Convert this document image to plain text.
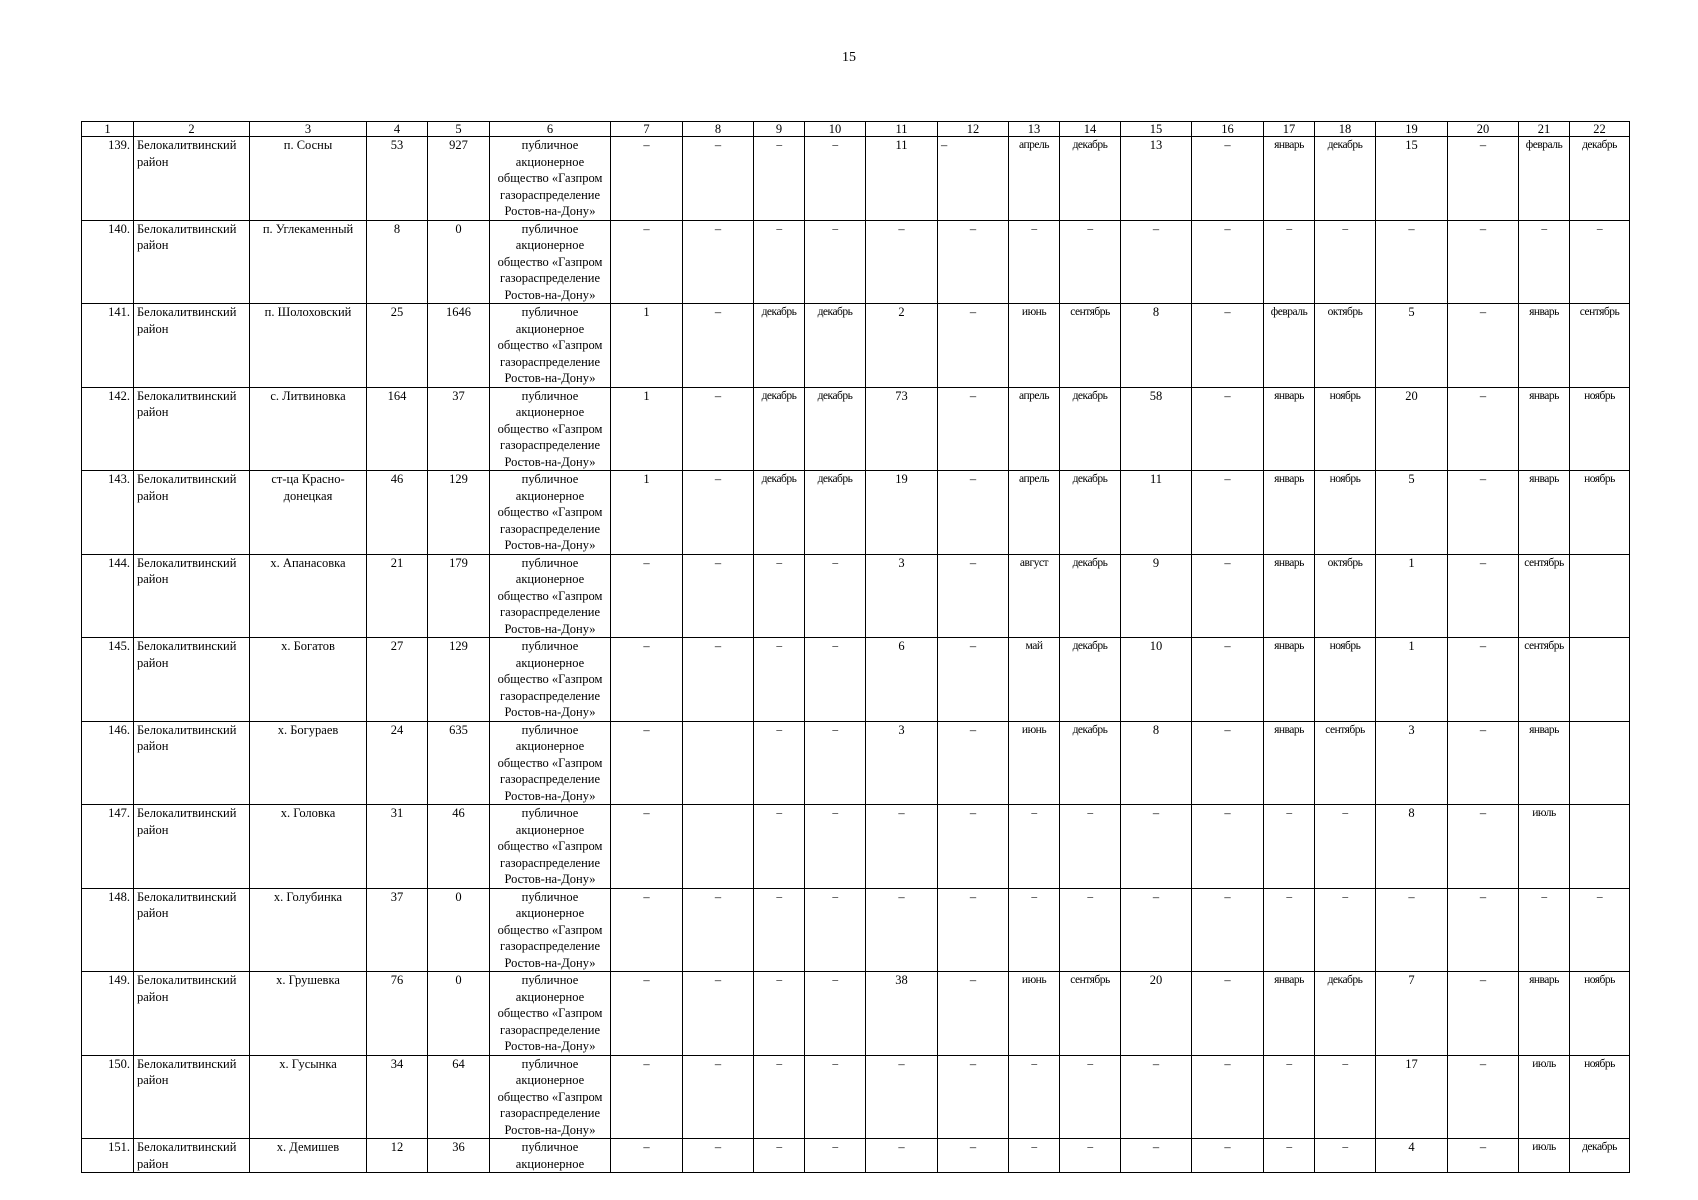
15
1	2	3	4	5	6	7	8	9	10	11	12	13	14	15	16	17	18	19	20	21	22
139.	Белокалитвинский район	п. Сосны	53	927	публичное акционерное общество «Газпром газораспределение Ростов-на-Дону»	–	–	–	–	11	–	апрель	декабрь	13	–	январь	декабрь	15	–	февраль	декабрь
140.	Белокалитвинский район	п. Углекаменный	8	0	публичное акционерное общество «Газпром газораспределение Ростов-на-Дону»	–	–	–	–	–	–	–	–	–	–	–	–	–	–	–	–
141.	Белокалитвинский район	п. Шолоховский	25	1646	публичное акционерное общество «Газпром газораспределение Ростов-на-Дону»	1	–	декабрь	декабрь	2	–	июнь	сентябрь	8	–	февраль	октябрь	5	–	январь	сентябрь
142.	Белокалитвинский район	с. Литвиновка	164	37	публичное акционерное общество «Газпром газораспределение Ростов-на-Дону»	1	–	декабрь	декабрь	73	–	апрель	декабрь	58	–	январь	ноябрь	20	–	январь	ноябрь
143.	Белокалитвинский район	ст-ца Красно-донецкая	46	129	публичное акционерное общество «Газпром газораспределение Ростов-на-Дону»	1	–	декабрь	декабрь	19	–	апрель	декабрь	11	–	январь	ноябрь	5	–	январь	ноябрь
144.	Белокалитвинский район	х. Апанасовка	21	179	публичное акционерное общество «Газпром газораспределение Ростов-на-Дону»	–	–	–	–	3	–	август	декабрь	9	–	январь	октябрь	1	–	сентябрь	
145.	Белокалитвинский район	х. Богатов	27	129	публичное акционерное общество «Газпром газораспределение Ростов-на-Дону»	–	–	–	–	6	–	май	декабрь	10	–	январь	ноябрь	1	–	сентябрь	
146.	Белокалитвинский район	х. Богураев	24	635	публичное акционерное общество «Газпром газораспределение Ростов-на-Дону»	–		–	–	3	–	июнь	декабрь	8	–	январь	сентябрь	3	–	январь	
147.	Белокалитвинский район	х. Головка	31	46	публичное акционерное общество «Газпром газораспределение Ростов-на-Дону»	–		–	–	–	–	–	–	–	–	–	–	8	–	июль	
148.	Белокалитвинский район	х. Голубинка	37	0	публичное акционерное общество «Газпром газораспределение Ростов-на-Дону»	–	–	–	–	–	–	–	–	–	–	–	–	–	–	–	–
149.	Белокалитвинский район	х. Грушевка	76	0	публичное акционерное общество «Газпром газораспределение Ростов-на-Дону»	–	–	–	–	38	–	июнь	сентябрь	20	–	январь	декабрь	7	–	январь	ноябрь
150.	Белокалитвинский район	х. Гусынка	34	64	публичное акционерное общество «Газпром газораспределение Ростов-на-Дону»	–	–	–	–	–	–	–	–	–	–	–	–	17	–	июль	ноябрь
151.	Белокалитвинский район	х. Демишев	12	36	публичное акционерное	–	–	–	–	–	–	–	–	–	–	–	–	4	–	июль	декабрь
